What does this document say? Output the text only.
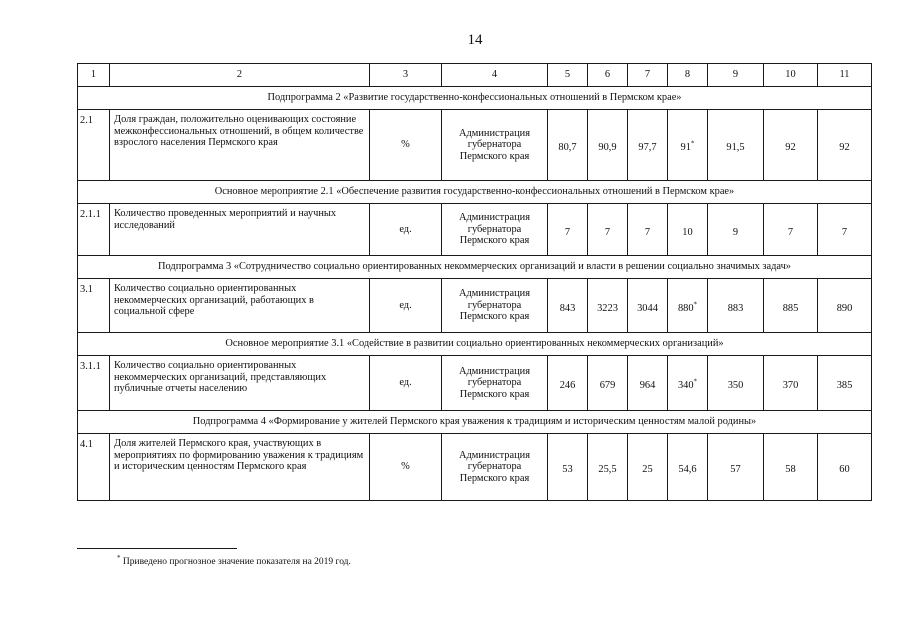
14
1	2	3	4	5	6	7	8	9	10	11
Подпрограмма 2 «Развитие государственно-конфессиональных отношений в Пермском крае»										
2.1	Доля граждан, положительно оценивающих состояние межконфессиональных отношений, в общем количестве взрослого населения Пермского края	%	Администрация губернатора Пермского края	80,7	90,9	97,7	91*	91,5	92	92
Основное мероприятие 2.1 «Обеспечение развития государственно-конфессиональных отношений в Пермском крае»										
2.1.1	Количество проведенных мероприятий и научных исследований	ед.	Администрация губернатора Пермского края	7	7	7	10	9	7	7
Подпрограмма 3 «Сотрудничество социально ориентированных некоммерческих организаций и власти в решении социально значимых задач»										
3.1	Количество социально ориентированных некоммерческих организаций, работающих в социальной сфере	ед.	Администрация губернатора Пермского края	843	3223	3044	880*	883	885	890
Основное мероприятие 3.1 «Содействие в развитии социально ориентированных некоммерческих организаций»										
3.1.1	Количество социально ориентированных некоммерческих организаций, представляющих публичные отчеты населению	ед.	Администрация губернатора Пермского края	246	679	964	340*	350	370	385
Подпрограмма 4 «Формирование у жителей Пермского края уважения к традициям и историческим ценностям малой родины»										
4.1	Доля жителей Пермского края, участвующих в мероприятиях по формированию уважения к традициям и историческим ценностям Пермского края	%	Администрация губернатора Пермского края	53	25,5	25	54,6	57	58	60
* Приведено прогнозное значение показателя на 2019 год.
